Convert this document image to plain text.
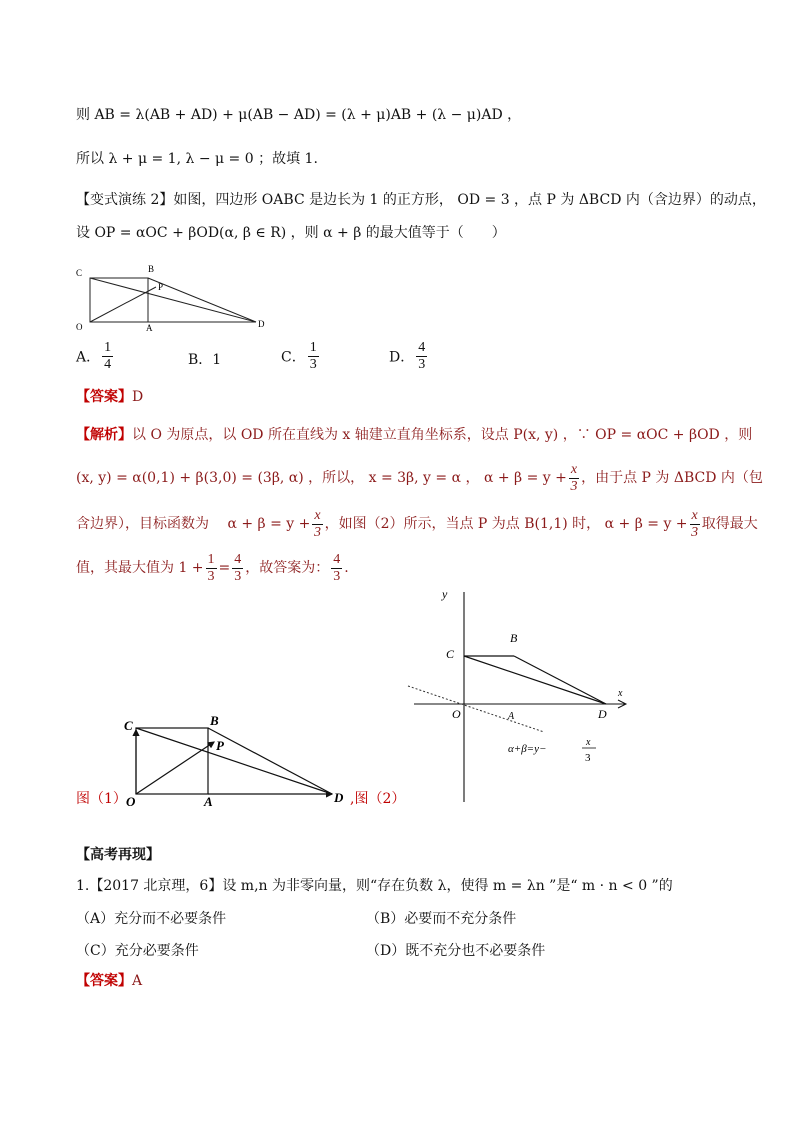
则 AB = λ(AB + AD) + μ(AB − AD) = (λ + μ)AB + (λ − μ)AD ，
所以 λ + μ = 1, λ − μ = 0 ；故填 1.
【变式演练 2】如图，四边形 OABC 是边长为 1 的正方形， OD = 3 ，点 P 为 ΔBCD 内（含边界）的动点，
设 OP = αOC + βOD(α, β ∈ R) ，则 α + β 的最大值等于（　　）
C	B
P
O	A	D
A． $\frac{1}{4}$	B．1	C． $\frac{1}{3}$	D． $\frac{4}{3}$
【答案】D
【解析】以 O 为原点，以 OD 所在直线为 x 轴建立直角坐标系，设点 P(x, y) ，∵ OP = αOC + βOD ，则
(x, y) = α(0,1) + β(3,0) = (3β, α) ，所以， x = 3β, y = α ， $\alpha + \beta = y + \frac{x}{3}$ ，由于点 P 为 ΔBCD 内（包
含边界），目标函数为　 $\alpha + \beta = y + \frac{x}{3}$ ，如图（2）所示，当点 P 为点 B(1,1) 时， $\alpha + \beta = y + \frac{x}{3}$ 取得最大
值，其最大值为 $1 + \frac{1}{3} = \frac{4}{3}$ ，故答案为： $\frac{4}{3}$ .
C	B
P
O	A	D
图（1）	,图（2）
y
x
C
B
O	A	D
α+β=y−
x
3
【高考再现】
1.【2017 北京理，6】设 m,n 为非零向量，则“存在负数 λ，使得 m = λn ”是“ m · n < 0 ”的
（A）充分而不必要条件	（B）必要而不充分条件
（C）充分必要条件	（D）既不充分也不必要条件
【答案】A
